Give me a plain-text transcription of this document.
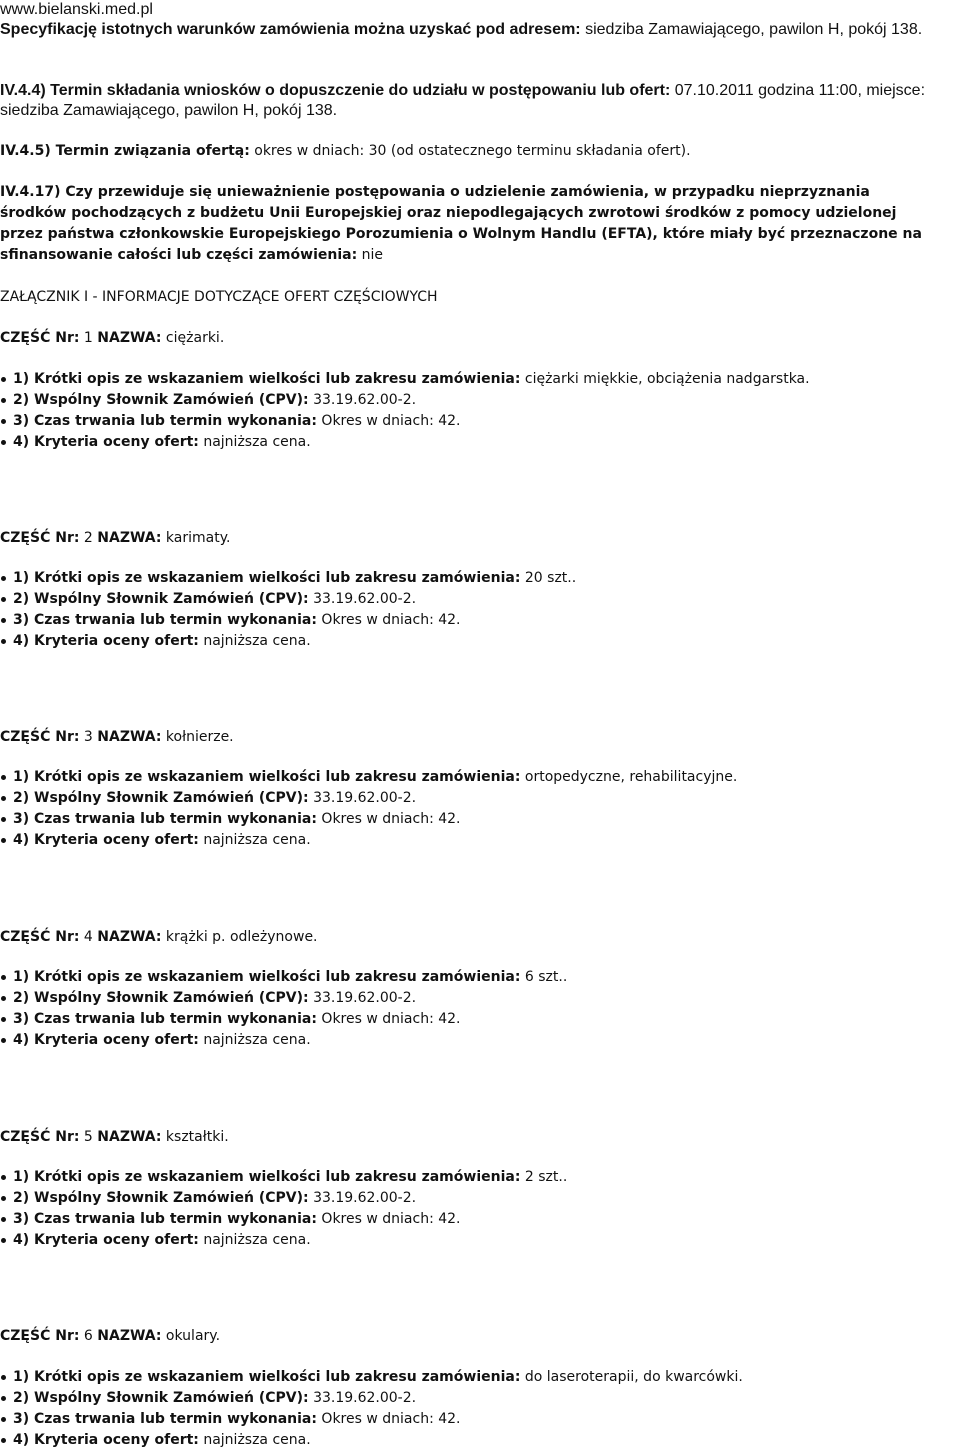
www.bielanski.med.pl
Specyfikację istotnych warunków zamówienia można uzyskać pod adresem: siedziba Zamawiającego, pawilon H, pokój 138.
IV.4.4) Termin składania wniosków o dopuszczenie do udziału w postępowaniu lub ofert: 07.10.2011 godzina 11:00, miejsce: siedziba Zamawiającego, pawilon H, pokój 138.
IV.4.5) Termin związania ofertą: okres w dniach: 30 (od ostatecznego terminu składania ofert).
IV.4.17) Czy przewiduje się unieważnienie postępowania o udzielenie zamówienia, w przypadku nieprzyznania środków pochodzących z budżetu Unii Europejskiej oraz niepodlegających zwrotowi środków z pomocy udzielonej przez państwa członkowskie Europejskiego Porozumienia o Wolnym Handlu (EFTA), które miały być przeznaczone na sfinansowanie całości lub części zamówienia: nie
ZAŁĄCZNIK I - INFORMACJE DOTYCZĄCE OFERT CZĘŚCIOWYCH
CZĘŚĆ Nr: 1 NAZWA: ciężarki.
1) Krótki opis ze wskazaniem wielkości lub zakresu zamówienia: ciężarki miękkie, obciążenia nadgarstka.
2) Wspólny Słownik Zamówień (CPV): 33.19.62.00-2.
3) Czas trwania lub termin wykonania: Okres w dniach: 42.
4) Kryteria oceny ofert: najniższa cena.
CZĘŚĆ Nr: 2 NAZWA: karimaty.
1) Krótki opis ze wskazaniem wielkości lub zakresu zamówienia: 20 szt..
2) Wspólny Słownik Zamówień (CPV): 33.19.62.00-2.
3) Czas trwania lub termin wykonania: Okres w dniach: 42.
4) Kryteria oceny ofert: najniższa cena.
CZĘŚĆ Nr: 3 NAZWA: kołnierze.
1) Krótki opis ze wskazaniem wielkości lub zakresu zamówienia: ortopedyczne, rehabilitacyjne.
2) Wspólny Słownik Zamówień (CPV): 33.19.62.00-2.
3) Czas trwania lub termin wykonania: Okres w dniach: 42.
4) Kryteria oceny ofert: najniższa cena.
CZĘŚĆ Nr: 4 NAZWA: krążki p. odleżynowe.
1) Krótki opis ze wskazaniem wielkości lub zakresu zamówienia: 6 szt..
2) Wspólny Słownik Zamówień (CPV): 33.19.62.00-2.
3) Czas trwania lub termin wykonania: Okres w dniach: 42.
4) Kryteria oceny ofert: najniższa cena.
CZĘŚĆ Nr: 5 NAZWA: kształtki.
1) Krótki opis ze wskazaniem wielkości lub zakresu zamówienia: 2 szt..
2) Wspólny Słownik Zamówień (CPV): 33.19.62.00-2.
3) Czas trwania lub termin wykonania: Okres w dniach: 42.
4) Kryteria oceny ofert: najniższa cena.
CZĘŚĆ Nr: 6 NAZWA: okulary.
1) Krótki opis ze wskazaniem wielkości lub zakresu zamówienia: do laseroterapii, do kwarcówki.
2) Wspólny Słownik Zamówień (CPV): 33.19.62.00-2.
3) Czas trwania lub termin wykonania: Okres w dniach: 42.
4) Kryteria oceny ofert: najniższa cena.
